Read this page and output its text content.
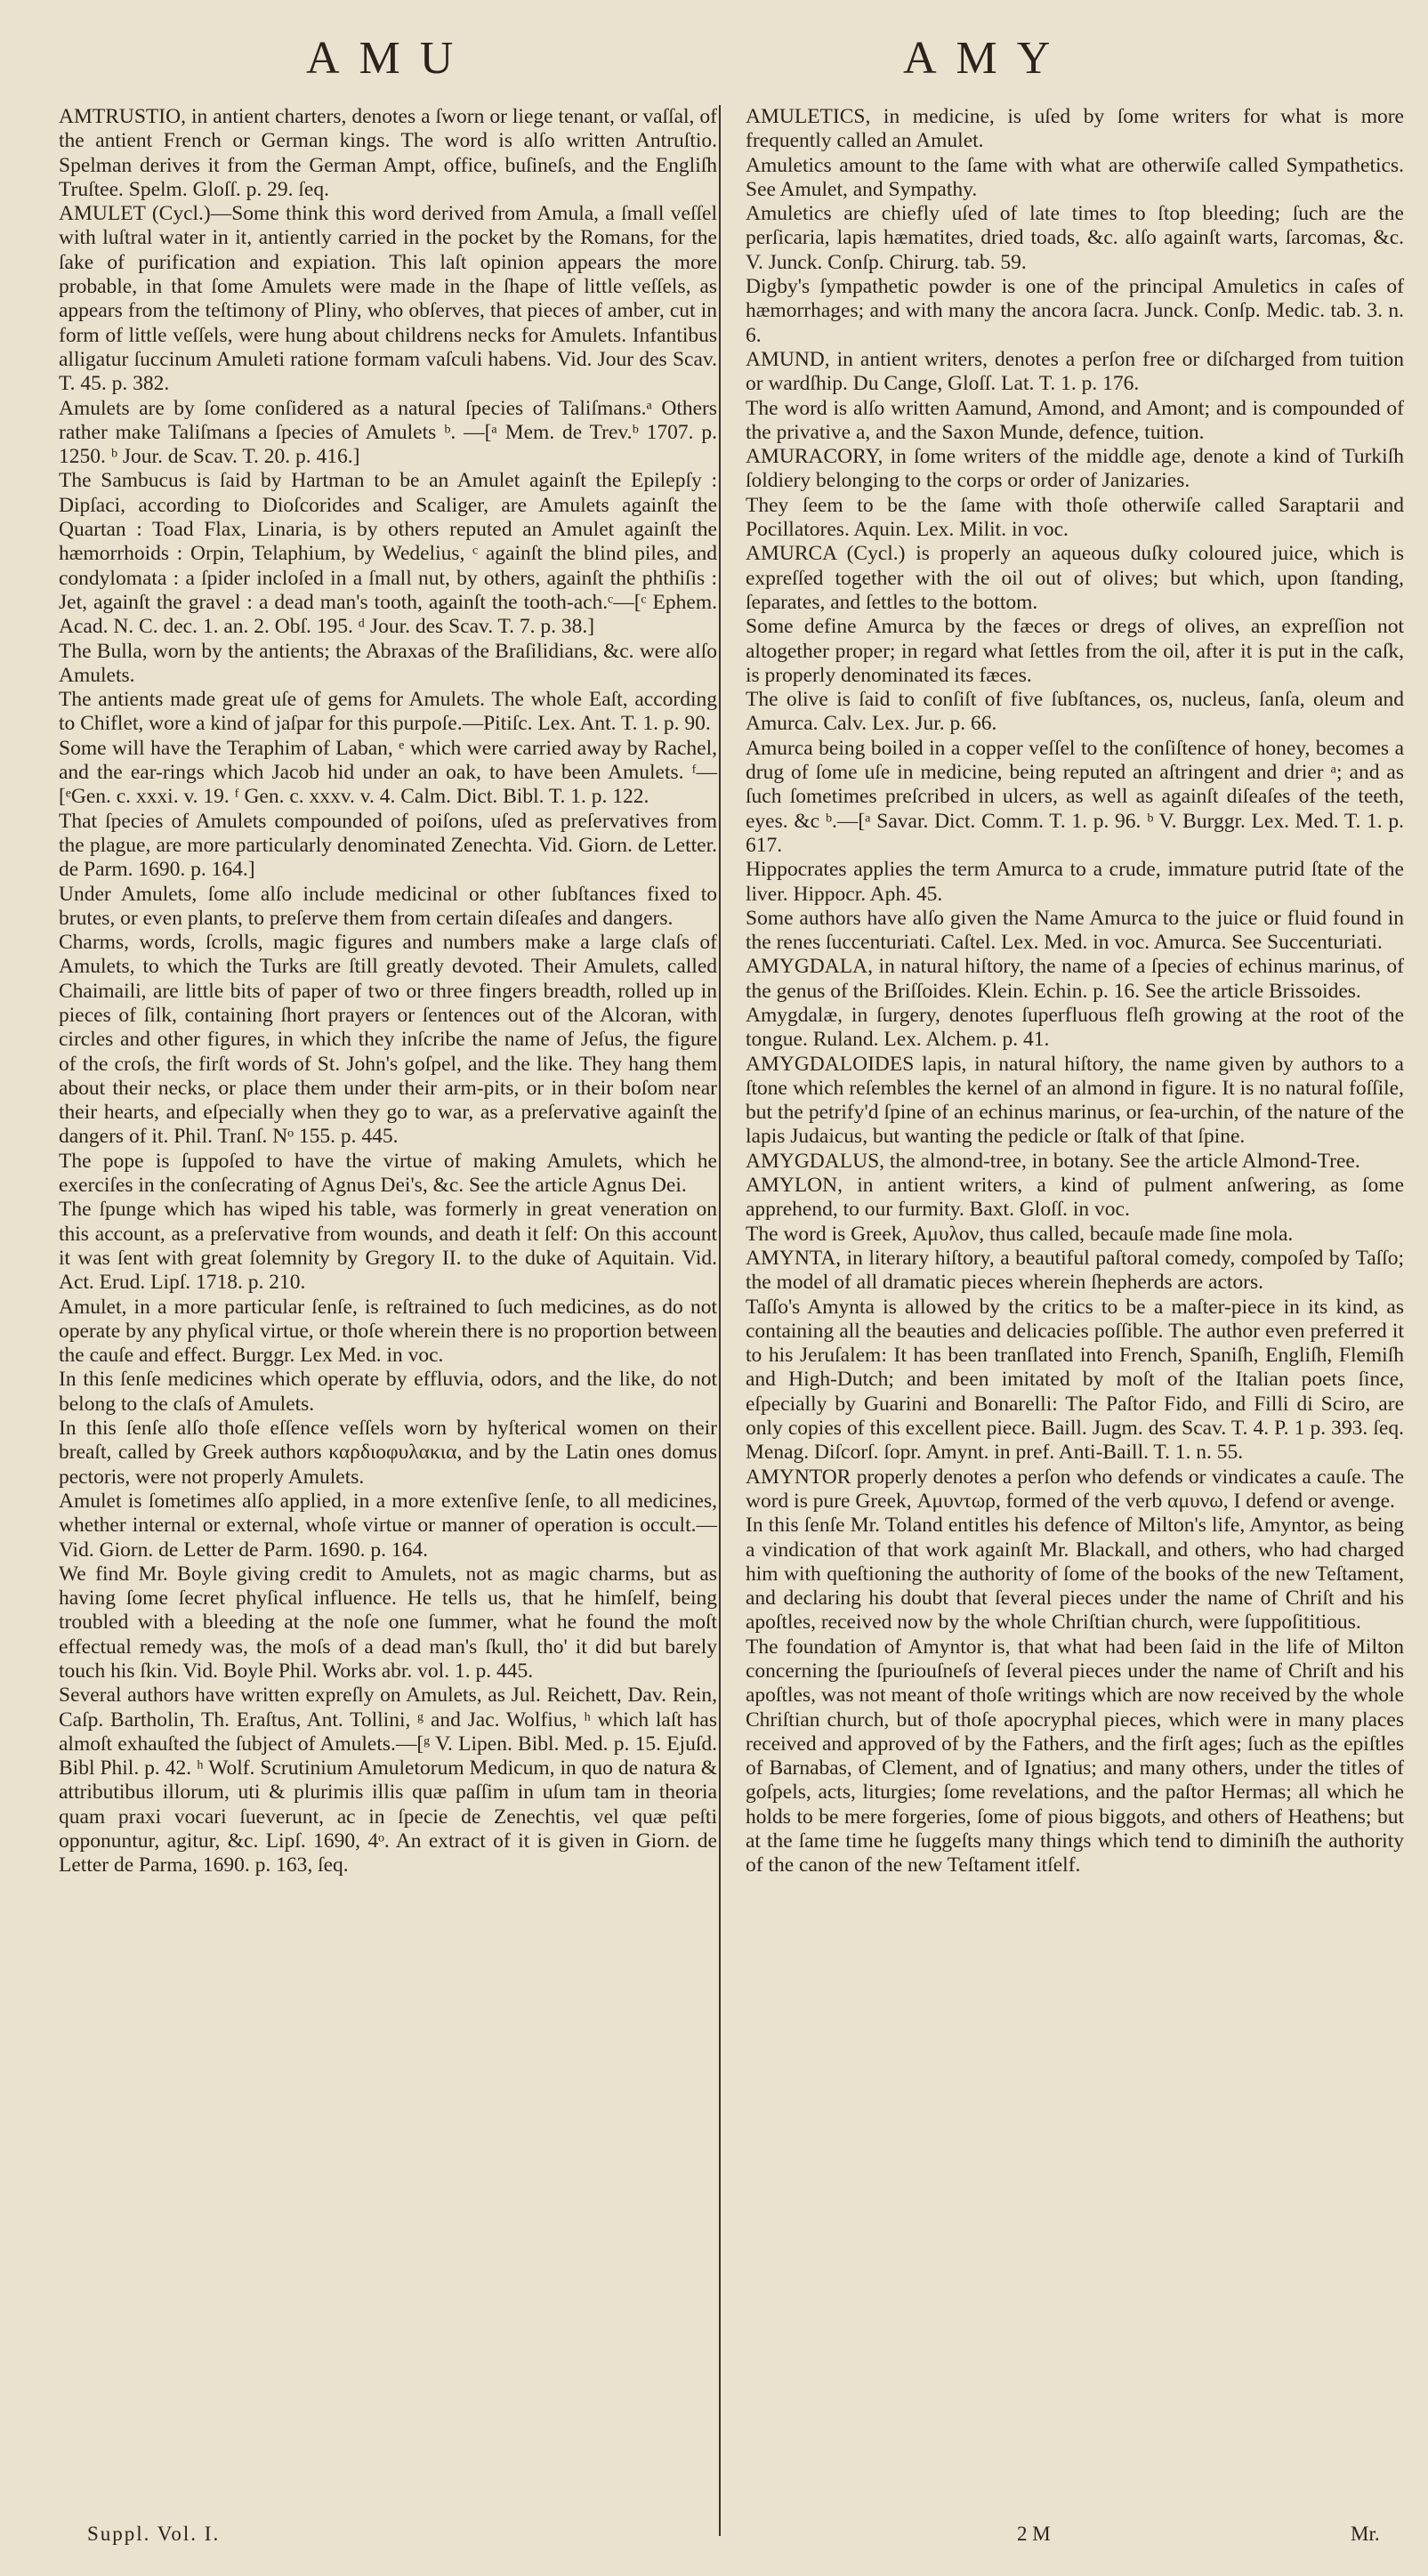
AMU	AMY

AMTRUSTIO, in antient charters, denotes a ſworn or liege tenant, or vaſſal, of the antient French or German kings. The word is alſo written Antruſtio. Spelman derives it from the German Ampt, office, buſineſs, and the Engliſh Truſtee. Spelm. Gloſſ. p. 29. ſeq.

AMULET (Cycl.)—Some think this word derived from Amula, a ſmall veſſel with luſtral water in it, antiently carried in the pocket by the Romans, for the ſake of purification and expiation. This laſt opinion appears the more probable, in that ſome Amulets were made in the ſhape of little veſſels, as appears from the teſtimony of Pliny, who obſerves, that pieces of amber, cut in form of little veſſels, were hung about childrens necks for Amulets. Infantibus alligatur ſuccinum Amuleti ratione formam vaſculi habens. Vid. Jour des Scav. T. 45. p. 382.

Amulets are by ſome conſidered as a natural ſpecies of Taliſmans.ᵃ Others rather make Taliſmans a ſpecies of Amulets ᵇ. —[ᵃ Mem. de Trev.ᵇ 1707. p. 1250. ᵇ Jour. de Scav. T. 20. p. 416.]

The Sambucus is ſaid by Hartman to be an Amulet againſt the Epilepſy : Dipſaci, according to Dioſcorides and Scaliger, are Amulets againſt the Quartan : Toad Flax, Linaria, is by others reputed an Amulet againſt the hæmorrhoids : Orpin, Telaphium, by Wedelius, ᶜ againſt the blind piles, and condylomata : a ſpider incloſed in a ſmall nut, by others, againſt the phthiſis : Jet, againſt the gravel : a dead man's tooth, againſt the tooth-ach.ᶜ—[ᶜ Ephem. Acad. N. C. dec. 1. an. 2. Obſ. 195. ᵈ Jour. des Scav. T. 7. p. 38.]

The Bulla, worn by the antients; the Abraxas of the Braſilidians, &c. were alſo Amulets.

The antients made great uſe of gems for Amulets. The whole Eaſt, according to Chiflet, wore a kind of jaſpar for this purpoſe.—Pitiſc. Lex. Ant. T. 1. p. 90.

Some will have the Teraphim of Laban, ᵉ which were carried away by Rachel, and the ear-rings which Jacob hid under an oak, to have been Amulets. ᶠ—[ᵉGen. c. xxxi. v. 19. ᶠ Gen. c. xxxv. v. 4. Calm. Dict. Bibl. T. 1. p. 122.

That ſpecies of Amulets compounded of poiſons, uſed as preſervatives from the plague, are more particularly denominated Zenechta. Vid. Giorn. de Letter. de Parm. 1690. p. 164.]

Under Amulets, ſome alſo include medicinal or other ſubſtances fixed to brutes, or even plants, to preſerve them from certain diſeaſes and dangers.

Charms, words, ſcrolls, magic figures and numbers make a large claſs of Amulets, to which the Turks are ſtill greatly devoted. Their Amulets, called Chaimaili, are little bits of paper of two or three fingers breadth, rolled up in pieces of ſilk, containing ſhort prayers or ſentences out of the Alcoran, with circles and other figures, in which they inſcribe the name of Jeſus, the figure of the croſs, the firſt words of St. John's goſpel, and the like. They hang them about their necks, or place them under their arm-pits, or in their boſom near their hearts, and eſpecially when they go to war, as a preſervative againſt the dangers of it. Phil. Tranſ. Nᵒ 155. p. 445.

The pope is ſuppoſed to have the virtue of making Amulets, which he exerciſes in the conſecrating of Agnus Dei's, &c. See the article Agnus Dei.

The ſpunge which has wiped his table, was formerly in great veneration on this account, as a preſervative from wounds, and death it ſelf: On this account it was ſent with great ſolemnity by Gregory II. to the duke of Aquitain. Vid. Act. Erud. Lipſ. 1718. p. 210.

Amulet, in a more particular ſenſe, is reſtrained to ſuch medicines, as do not operate by any phyſical virtue, or thoſe wherein there is no proportion between the cauſe and effect. Burggr. Lex Med. in voc.

In this ſenſe medicines which operate by effluvia, odors, and the like, do not belong to the claſs of Amulets.

In this ſenſe alſo thoſe eſſence veſſels worn by hyſterical women on their breaſt, called by Greek authors καρδιοφυλακια, and by the Latin ones domus pectoris, were not properly Amulets.

Amulet is ſometimes alſo applied, in a more extenſive ſenſe, to all medicines, whether internal or external, whoſe virtue or manner of operation is occult.—Vid. Giorn. de Letter de Parm. 1690. p. 164.

We find Mr. Boyle giving credit to Amulets, not as magic charms, but as having ſome ſecret phyſical influence. He tells us, that he himſelf, being troubled with a bleeding at the noſe one ſummer, what he found the moſt effectual remedy was, the moſs of a dead man's ſkull, tho' it did but barely touch his ſkin. Vid. Boyle Phil. Works abr. vol. 1. p. 445.

Several authors have written expreſly on Amulets, as Jul. Reichett, Dav. Rein, Caſp. Bartholin, Th. Eraſtus, Ant. Tollini, ᵍ and Jac. Wolfius, ʰ which laſt has almoſt exhauſted the ſubject of Amulets.—[ᵍ V. Lipen. Bibl. Med. p. 15. Ejuſd. Bibl Phil. p. 42. ʰ Wolf. Scrutinium Amuletorum Medicum, in quo de natura & attributibus illorum, uti & plurimis illis quæ paſſim in uſum tam in theoria quam praxi vocari ſueverunt, ac in ſpecie de Zenechtis, vel quæ peſti opponuntur, agitur, &c. Lipſ. 1690, 4ᵒ. An extract of it is given in Giorn. de Letter de Parma, 1690. p. 163, ſeq.

AMULETICS, in medicine, is uſed by ſome writers for what is more frequently called an Amulet.

Amuletics amount to the ſame with what are otherwiſe called Sympathetics. See Amulet, and Sympathy.

Amuletics are chiefly uſed of late times to ſtop bleeding; ſuch are the perſicaria, lapis hæmatites, dried toads, &c. alſo againſt warts, ſarcomas, &c. V. Junck. Conſp. Chirurg. tab. 59.

Digby's ſympathetic powder is one of the principal Amuletics in caſes of hæmorrhages; and with many the ancora ſacra. Junck. Conſp. Medic. tab. 3. n. 6.

AMUND, in antient writers, denotes a perſon free or diſcharged from tuition or wardſhip. Du Cange, Gloſſ. Lat. T. 1. p. 176.

The word is alſo written Aamund, Amond, and Amont; and is compounded of the privative a, and the Saxon Munde, defence, tuition.

AMURACORY, in ſome writers of the middle age, denote a kind of Turkiſh ſoldiery belonging to the corps or order of Janizaries.

They ſeem to be the ſame with thoſe otherwiſe called Saraptarii and Pocillatores. Aquin. Lex. Milit. in voc.

AMURCA (Cycl.) is properly an aqueous duſky coloured juice, which is expreſſed together with the oil out of olives; but which, upon ſtanding, ſeparates, and ſettles to the bottom.

Some define Amurca by the fæces or dregs of olives, an expreſſion not altogether proper; in regard what ſettles from the oil, after it is put in the caſk, is properly denominated its fæces.

The olive is ſaid to conſiſt of five ſubſtances, os, nucleus, ſanſa, oleum and Amurca. Calv. Lex. Jur. p. 66.

Amurca being boiled in a copper veſſel to the conſiſtence of honey, becomes a drug of ſome uſe in medicine, being reputed an aſtringent and drier ᵃ; and as ſuch ſometimes preſcribed in ulcers, as well as againſt diſeaſes of the teeth, eyes. &c ᵇ.—[ᵃ Savar. Dict. Comm. T. 1. p. 96. ᵇ V. Burggr. Lex. Med. T. 1. p. 617.

Hippocrates applies the term Amurca to a crude, immature putrid ſtate of the liver. Hippocr. Aph. 45.

Some authors have alſo given the Name Amurca to the juice or fluid found in the renes ſuccenturiati. Caſtel. Lex. Med. in voc. Amurca. See Succenturiati.

AMYGDALA, in natural hiſtory, the name of a ſpecies of echinus marinus, of the genus of the Briſſoides. Klein. Echin. p. 16. See the article Brissoides.

Amygdalæ, in ſurgery, denotes ſuperfluous fleſh growing at the root of the tongue. Ruland. Lex. Alchem. p. 41.

AMYGDALOIDES lapis, in natural hiſtory, the name given by authors to a ſtone which reſembles the kernel of an almond in figure. It is no natural foſſile, but the petrify'd ſpine of an echinus marinus, or ſea-urchin, of the nature of the lapis Judaicus, but wanting the pedicle or ſtalk of that ſpine.

AMYGDALUS, the almond-tree, in botany. See the article Almond-Tree.

AMYLON, in antient writers, a kind of pulment anſwering, as ſome apprehend, to our furmity. Baxt. Gloſſ. in voc.

The word is Greek, Αμυλον, thus called, becauſe made ſine mola.

AMYNTA, in literary hiſtory, a beautiful paſtoral comedy, compoſed by Taſſo; the model of all dramatic pieces wherein ſhepherds are actors.

Taſſo's Amynta is allowed by the critics to be a maſter-piece in its kind, as containing all the beauties and delicacies poſſible. The author even preferred it to his Jeruſalem: It has been tranſlated into French, Spaniſh, Engliſh, Flemiſh and High-Dutch; and been imitated by moſt of the Italian poets ſince, eſpecially by Guarini and Bonarelli: The Paſtor Fido, and Filli di Sciro, are only copies of this excellent piece. Baill. Jugm. des Scav. T. 4. P. 1 p. 393. ſeq. Menag. Diſcorſ. ſopr. Amynt. in pref. Anti-Baill. T. 1. n. 55.

AMYNTOR properly denotes a perſon who defends or vindicates a cauſe. The word is pure Greek, Αμυντωρ, formed of the verb αμυνω, I defend or avenge.

In this ſenſe Mr. Toland entitles his defence of Milton's life, Amyntor, as being a vindication of that work againſt Mr. Blackall, and others, who had charged him with queſtioning the authority of ſome of the books of the new Teſtament, and declaring his doubt that ſeveral pieces under the name of Chriſt and his apoſtles, received now by the whole Chriſtian church, were ſuppoſititious.

The foundation of Amyntor is, that what had been ſaid in the life of Milton concerning the ſpuriouſneſs of ſeveral pieces under the name of Chriſt and his apoſtles, was not meant of thoſe writings which are now received by the whole Chriſtian church, but of thoſe apocryphal pieces, which were in many places received and approved of by the Fathers, and the firſt ages; ſuch as the epiſtles of Barnabas, of Clement, and of Ignatius; and many others, under the titles of goſpels, acts, liturgies; ſome revelations, and the paſtor Hermas; all which he holds to be mere forgeries, ſome of pious biggots, and others of Heathens; but at the ſame time he ſuggeſts many things which tend to diminiſh the authority of the canon of the new Teſtament itſelf.

Suppl. Vol. I.	2 M	Mr.
